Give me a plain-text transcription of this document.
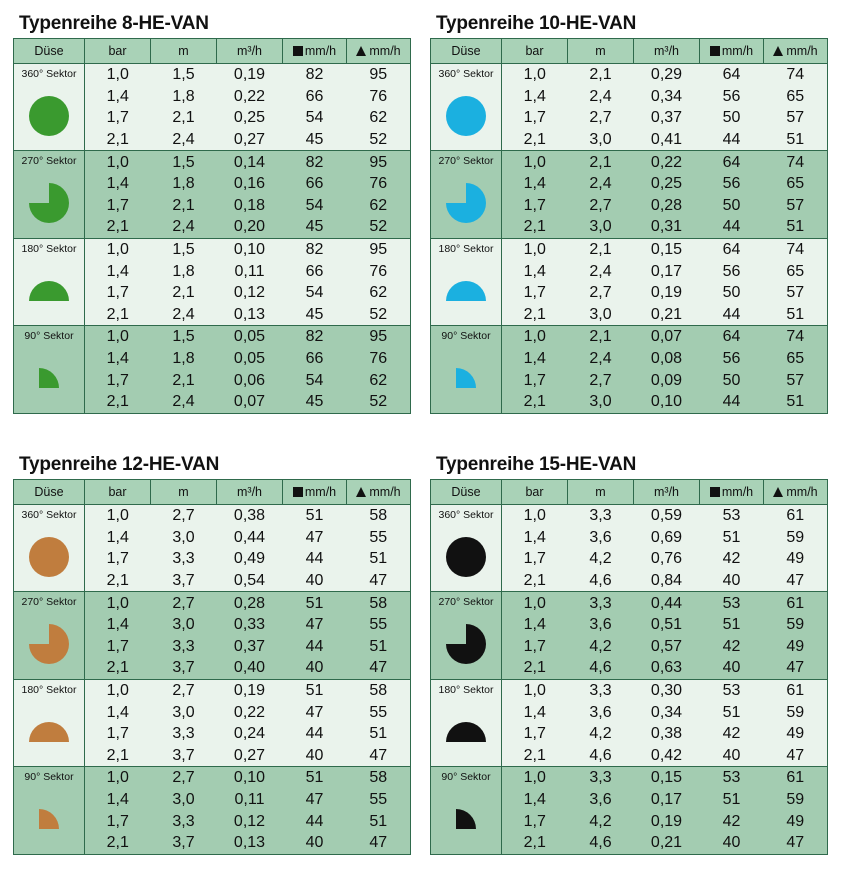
Typenreihe 8-HE-VAN
Düse	bar	m	m³/h	mm/h	mm/h

360° Sektor	1,0	1,5	0,19	82	95
	1,4	1,8	0,22	66	76
	1,7	2,1	0,25	54	62
	2,1	2,4	0,27	45	52

270° Sektor	1,0	1,5	0,14	82	95
	1,4	1,8	0,16	66	76
	1,7	2,1	0,18	54	62
	2,1	2,4	0,20	45	52

180° Sektor	1,0	1,5	0,10	82	95
	1,4	1,8	0,11	66	76
	1,7	2,1	0,12	54	62
	2,1	2,4	0,13	45	52

90° Sektor	1,0	1,5	0,05	82	95
	1,4	1,8	0,05	66	76
	1,7	2,1	0,06	54	62
	2,1	2,4	0,07	45	52
Typenreihe 10-HE-VAN
Düse	bar	m	m³/h	mm/h	mm/h

360° Sektor	1,0	2,1	0,29	64	74
	1,4	2,4	0,34	56	65
	1,7	2,7	0,37	50	57
	2,1	3,0	0,41	44	51

270° Sektor	1,0	2,1	0,22	64	74
	1,4	2,4	0,25	56	65
	1,7	2,7	0,28	50	57
	2,1	3,0	0,31	44	51

180° Sektor	1,0	2,1	0,15	64	74
	1,4	2,4	0,17	56	65
	1,7	2,7	0,19	50	57
	2,1	3,0	0,21	44	51

90° Sektor	1,0	2,1	0,07	64	74
	1,4	2,4	0,08	56	65
	1,7	2,7	0,09	50	57
	2,1	3,0	0,10	44	51
Typenreihe 12-HE-VAN
Düse	bar	m	m³/h	mm/h	mm/h

360° Sektor	1,0	2,7	0,38	51	58
	1,4	3,0	0,44	47	55
	1,7	3,3	0,49	44	51
	2,1	3,7	0,54	40	47

270° Sektor	1,0	2,7	0,28	51	58
	1,4	3,0	0,33	47	55
	1,7	3,3	0,37	44	51
	2,1	3,7	0,40	40	47

180° Sektor	1,0	2,7	0,19	51	58
	1,4	3,0	0,22	47	55
	1,7	3,3	0,24	44	51
	2,1	3,7	0,27	40	47

90° Sektor	1,0	2,7	0,10	51	58
	1,4	3,0	0,11	47	55
	1,7	3,3	0,12	44	51
	2,1	3,7	0,13	40	47
Typenreihe 15-HE-VAN
Düse	bar	m	m³/h	mm/h	mm/h

360° Sektor	1,0	3,3	0,59	53	61
	1,4	3,6	0,69	51	59
	1,7	4,2	0,76	42	49
	2,1	4,6	0,84	40	47

270° Sektor	1,0	3,3	0,44	53	61
	1,4	3,6	0,51	51	59
	1,7	4,2	0,57	42	49
	2,1	4,6	0,63	40	47

180° Sektor	1,0	3,3	0,30	53	61
	1,4	3,6	0,34	51	59
	1,7	4,2	0,38	42	49
	2,1	4,6	0,42	40	47

90° Sektor	1,0	3,3	0,15	53	61
	1,4	3,6	0,17	51	59
	1,7	4,2	0,19	42	49
	2,1	4,6	0,21	40	47
